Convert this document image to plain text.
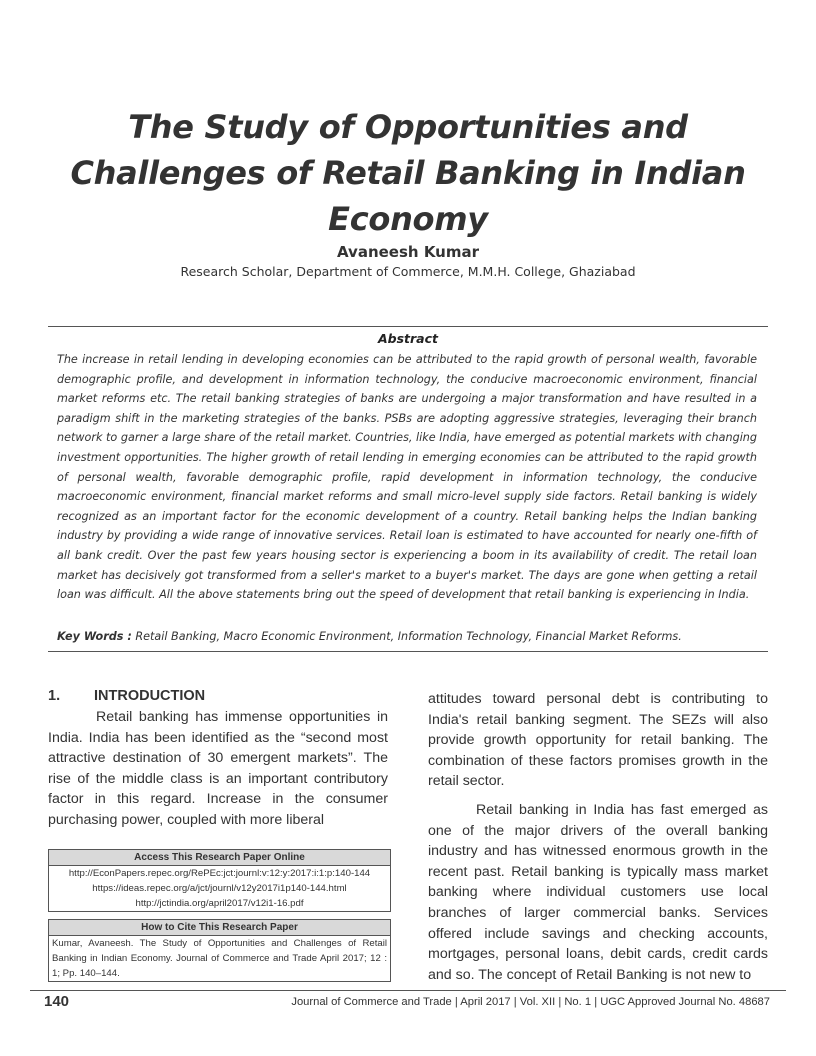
The Study of Opportunities and Challenges of Retail Banking in Indian Economy
Avaneesh Kumar
Research Scholar, Department of Commerce, M.M.H. College, Ghaziabad
Abstract

The increase in retail lending in developing economies can be attributed to the rapid growth of personal wealth, favorable demographic profile, and development in information technology, the conducive macroeconomic environment, financial market reforms etc. The retail banking strategies of banks are undergoing a major transformation and have resulted in a paradigm shift in the marketing strategies of the banks. PSBs are adopting aggressive strategies, leveraging their branch network to garner a large share of the retail market. Countries, like India, have emerged as potential markets with changing investment opportunities. The higher growth of retail lending in emerging economies can be attributed to the rapid growth of personal wealth, favorable demographic profile, rapid development in information technology, the conducive macroeconomic environment, financial market reforms and small micro-level supply side factors. Retail banking is widely recognized as an important factor for the economic development of a country. Retail banking helps the Indian banking industry by providing a wide range of innovative services. Retail loan is estimated to have accounted for nearly one-fifth of all bank credit. Over the past few years housing sector is experiencing a boom in its availability of credit. The retail loan market has decisively got transformed from a seller's market to a buyer's market. The days are gone when getting a retail loan was difficult. All the above statements bring out the speed of development that retail banking is experiencing in India.

Key Words : Retail Banking, Macro Economic Environment, Information Technology, Financial Market Reforms.
1. INTRODUCTION

Retail banking has immense opportunities in India. India has been identified as the “second most attractive destination of 30 emergent markets”. The rise of the middle class is an important contributory factor in this regard. Increase in the consumer purchasing power, coupled with more liberal

Access This Research Paper Online
http://EconPapers.repec.org/RePEc:jct:journl:v:12:y:2017:i:1:p:140-144
https://ideas.repec.org/a/jct/journl/v12y2017i1p140-144.html
http://jctindia.org/april2017/v12i1-16.pdf
How to Cite This Research Paper
Kumar, Avaneesh. The Study of Opportunities and Challenges of Retail Banking in Indian Economy. Journal of Commerce and Trade April 2017; 12 : 1; Pp. 140–144.

attitudes toward personal debt is contributing to India's retail banking segment. The SEZs will also provide growth opportunity for retail banking. The combination of these factors promises growth in the retail sector.

Retail banking in India has fast emerged as one of the major drivers of the overall banking industry and has witnessed enormous growth in the recent past. Retail banking is typically mass market banking where individual customers use local branches of larger commercial banks. Services offered include savings and checking accounts, mortgages, personal loans, debit cards, credit cards and so. The concept of Retail Banking is not new to

140	Journal of Commerce and Trade | April 2017 | Vol. XII | No. 1 | UGC Approved Journal No. 48687
